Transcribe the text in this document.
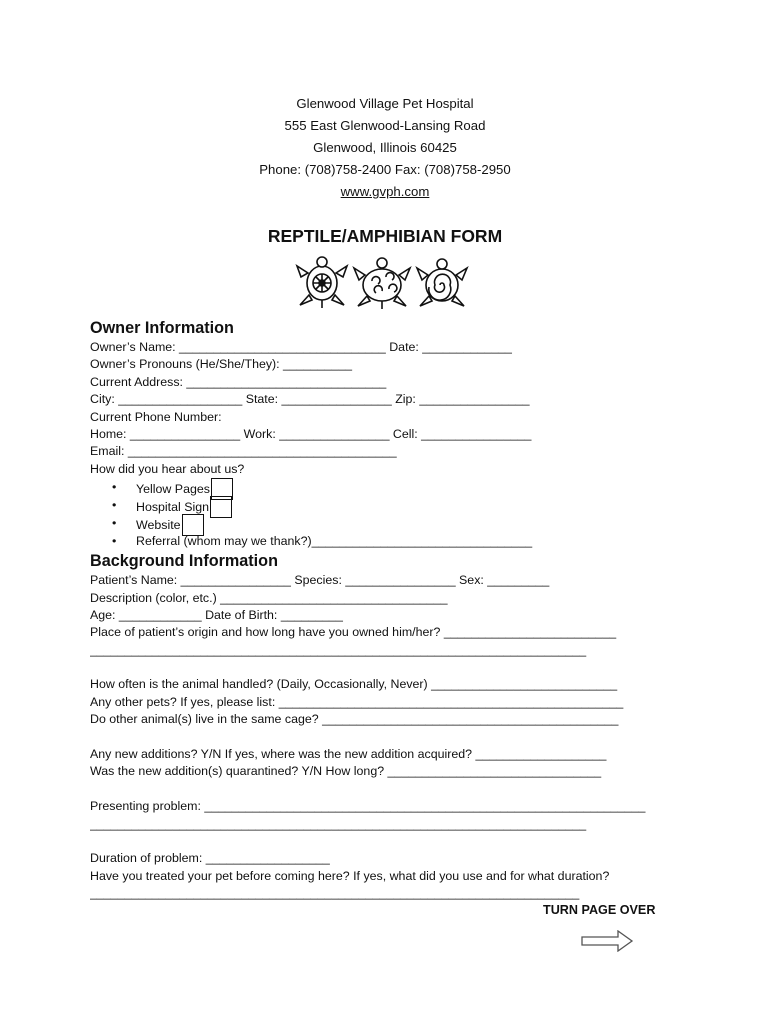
Glenwood Village Pet Hospital
555 East Glenwood-Lansing Road
Glenwood, Illinois 60425
Phone: (708)758-2400 Fax: (708)758-2950
www.gvph.com
REPTILE/AMPHIBIAN FORM
Owner Information
Owner’s Name: ______________________________ Date: _____________
Owner’s Pronouns (He/She/They): __________
Current Address: _____________________________
City: __________________ State: ________________ Zip: ________________
Current Phone Number:
Home: ________________ Work: ________________ Cell: ________________
Email: _______________________________________
How did you hear about us?
• Yellow Pages
• Hospital Sign
• Website
• Referral (whom may we thank?)________________________________
Background Information
Patient’s Name: ________________ Species: ________________ Sex: _________
Description (color, etc.) _________________________________
Age: ____________ Date of Birth: _________
Place of patient’s origin and how long have you owned him/her? _________________________
________________________________________________________________________
How often is the animal handled? (Daily, Occasionally, Never) ___________________________
Any other pets? If yes, please list: __________________________________________________
Do other animal(s) live in the same cage? ___________________________________________
Any new additions? Y/N If yes, where was the new addition acquired? ___________________
Was the new addition(s) quarantined? Y/N How long? _______________________________
Presenting problem: ________________________________________________________________
________________________________________________________________________
Duration of problem: __________________
Have you treated your pet before coming here? If yes, what did you use and for what duration?
_______________________________________________________________________
TURN PAGE OVER
